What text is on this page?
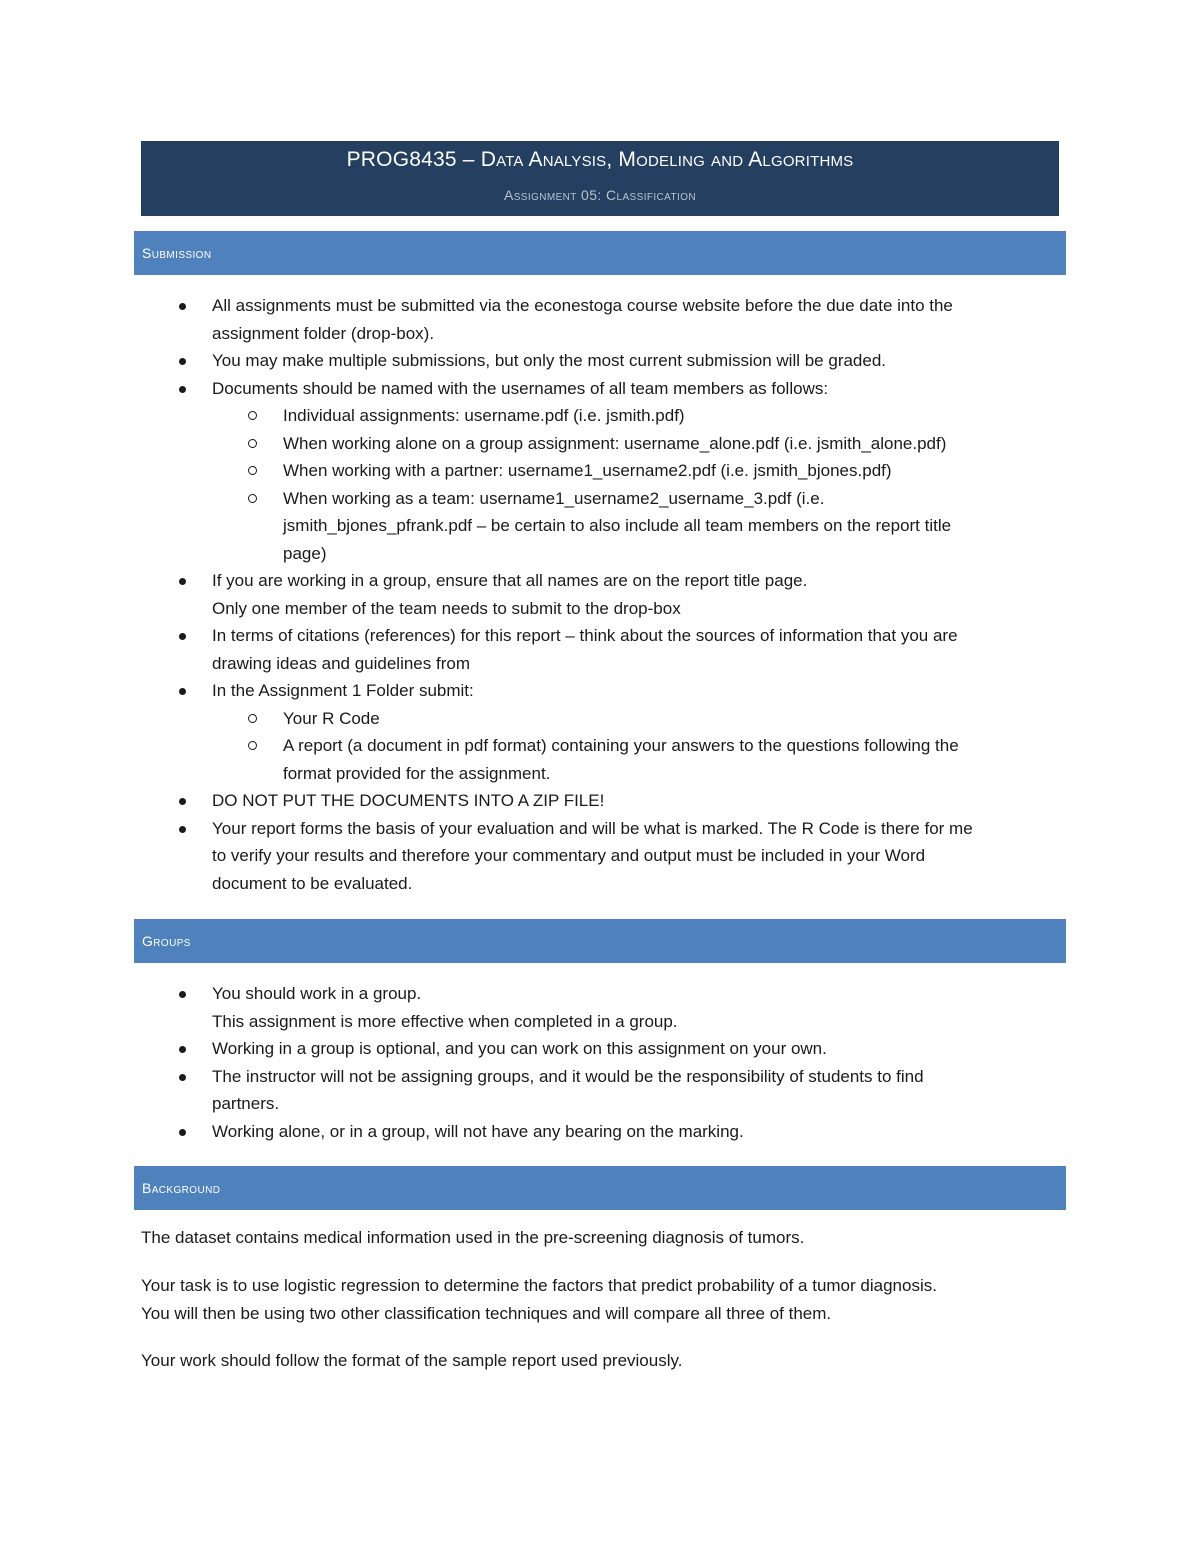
PROG8435 – Data Analysis, Modeling and Algorithms
Assignment 05: Classification
Submission
All assignments must be submitted via the econestoga course website before the due date into the
assignment folder (drop-box).
You may make multiple submissions, but only the most current submission will be graded.
Documents should be named with the usernames of all team members as follows:
Individual assignments: username.pdf (i.e. jsmith.pdf)
When working alone on a group assignment: username_alone.pdf (i.e. jsmith_alone.pdf)
When working with a partner: username1_username2.pdf (i.e. jsmith_bjones.pdf)
When working as a team: username1_username2_username_3.pdf (i.e.
jsmith_bjones_pfrank.pdf – be certain to also include all team members on the report title
page)
If you are working in a group, ensure that all names are on the report title page.
Only one member of the team needs to submit to the drop-box
In terms of citations (references) for this report – think about the sources of information that you are
drawing ideas and guidelines from
In the Assignment 1 Folder submit:
Your R Code
A report (a document in pdf format) containing your answers to the questions following the
format provided for the assignment.
DO NOT PUT THE DOCUMENTS INTO A ZIP FILE!
Your report forms the basis of your evaluation and will be what is marked. The R Code is there for me
to verify your results and therefore your commentary and output must be included in your Word
document to be evaluated.
Groups
You should work in a group.
This assignment is more effective when completed in a group.
Working in a group is optional, and you can work on this assignment on your own.
The instructor will not be assigning groups, and it would be the responsibility of students to find
partners.
Working alone, or in a group, will not have any bearing on the marking.
Background

The dataset contains medical information used in the pre-screening diagnosis of tumors.

Your task is to use logistic regression to determine the factors that predict probability of a tumor diagnosis.
You will then be using two other classification techniques and will compare all three of them.

Your work should follow the format of the sample report used previously.
